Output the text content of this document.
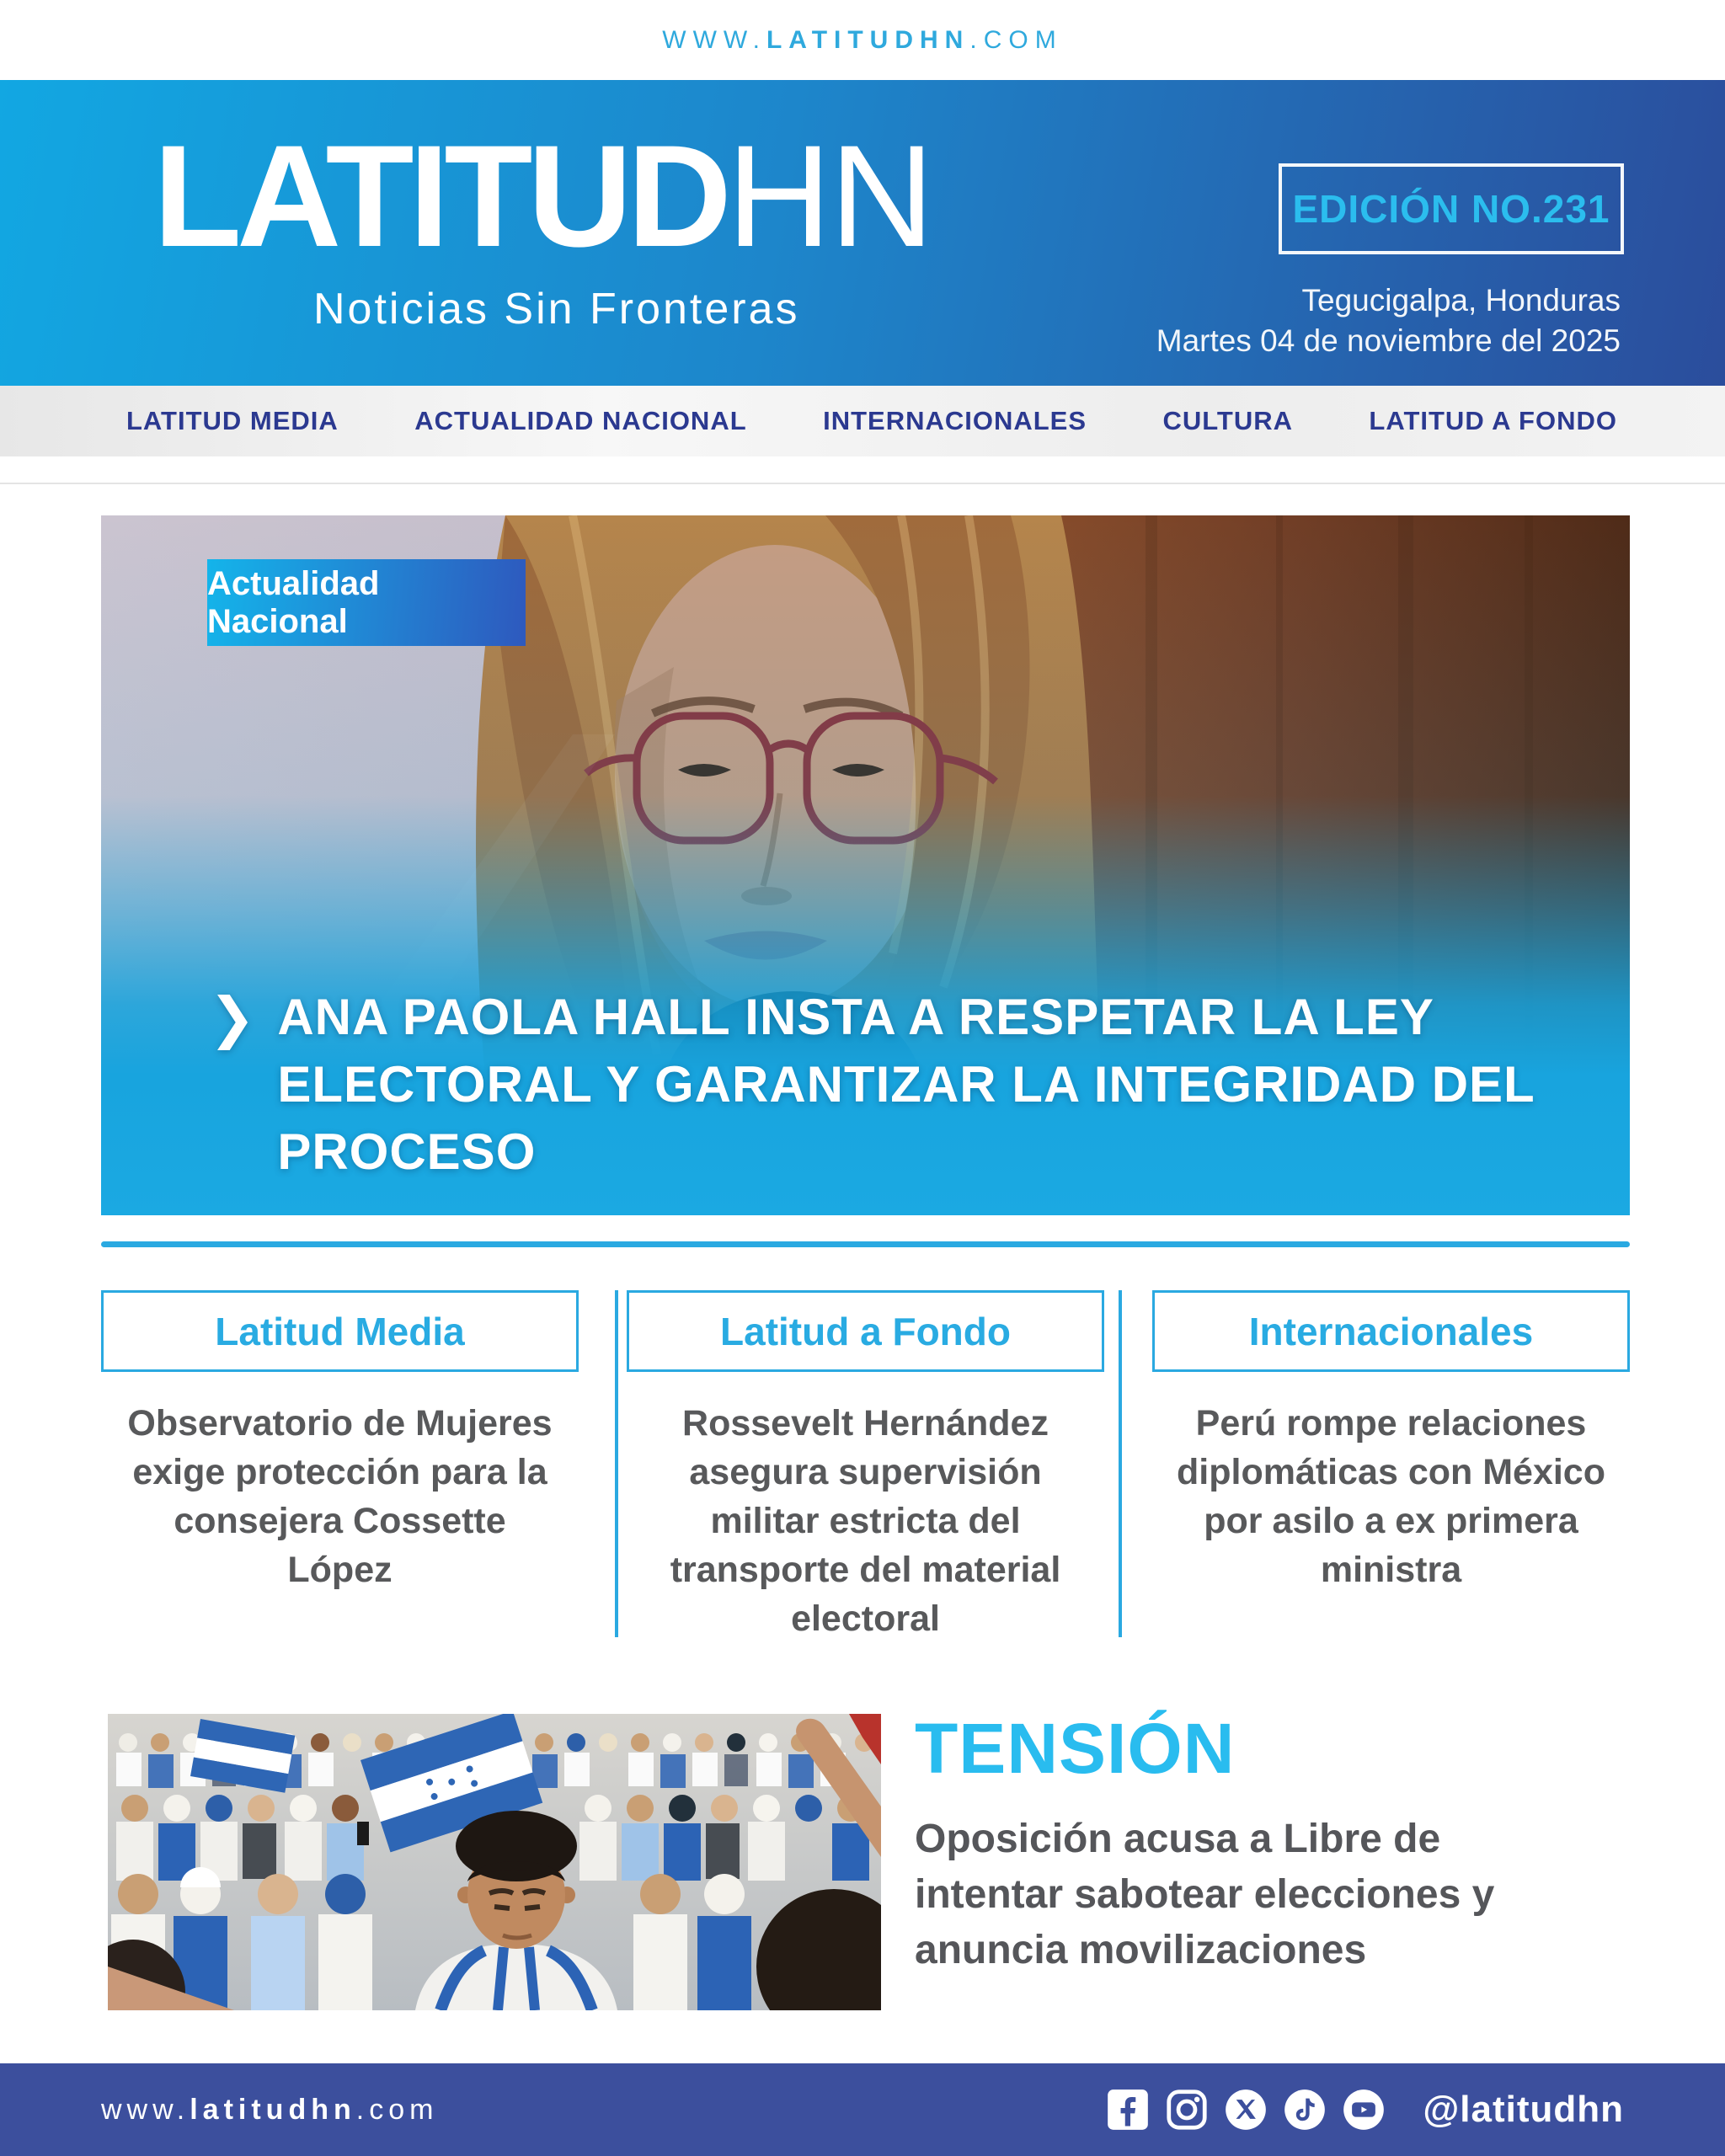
WWW. LATITUDHN .COM
LATITUDHN
Noticias Sin Fronteras
EDICIÓN NO.231
Tegucigalpa, Honduras
Martes 04 de noviembre del 2025
LATITUD MEDIA	ACTUALIDAD NACIONAL	INTERNACIONALES	CULTURA	LATITUD A FONDO
Actualidad Nacional
❯ ANA PAOLA HALL INSTA A RESPETAR LA LEY
ELECTORAL Y GARANTIZAR LA INTEGRIDAD DEL
PROCESO
Latitud Media
Observatorio de Mujeres exige protección para la consejera Cossette López
Latitud a Fondo
Rossevelt Hernández asegura supervisión militar estricta del transporte del material electoral
Internacionales
Perú rompe relaciones diplomáticas con México por asilo a ex primera ministra
TENSIÓN
Oposición acusa a Libre de intentar sabotear elecciones y anuncia movilizaciones
www.latitudhn.com	@latitudhn
